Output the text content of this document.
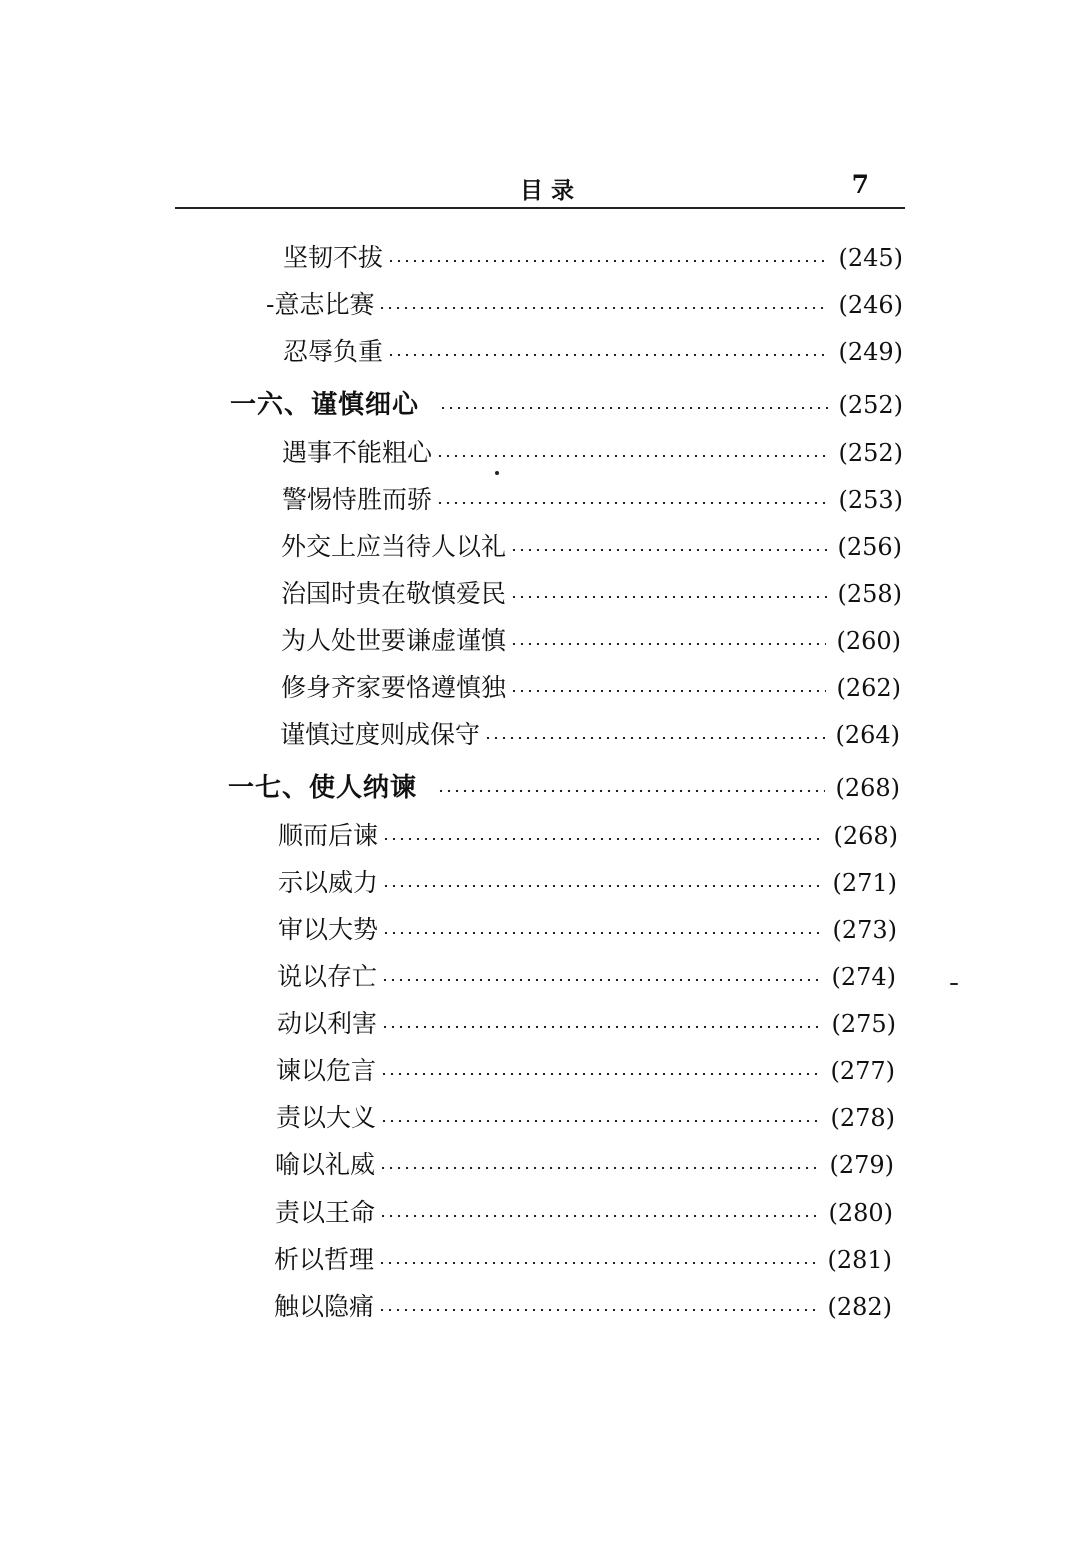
目 录	7
坚韧不拔	(245)
-意志比赛	(246)
忍辱负重	(249)
一六、谨慎细心	(252)
遇事不能粗心	(252)
警惕恃胜而骄	(253)
外交上应当待人以礼	(256)
治国时贵在敬慎爱民	(258)
为人处世要谦虚谨慎	(260)
修身齐家要恪遵慎独	(262)
谨慎过度则成保守	(264)
一七、使人纳谏	(268)
顺而后谏	(268)
示以威力	(271)
审以大势	(273)
说以存亡	(274)
动以利害	(275)
谏以危言	(277)
责以大义	(278)
喻以礼威	(279)
责以王命	(280)
析以哲理	(281)
触以隐痛	(282)
